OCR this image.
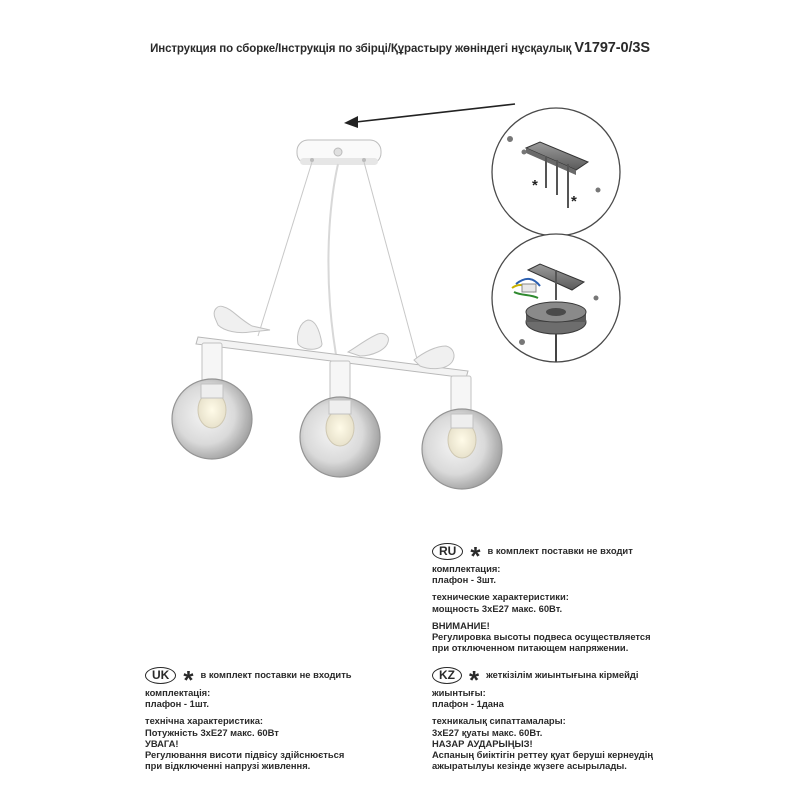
Инструкция по сборке/Інструкція по збірці/Құрастыру жөніндегі нұсқаулық V1797-0/3S
*
*
RU * в комплект поставки не входит
комплектация:
плафон - 3шт.
технические характеристики:
мощность 3хЕ27 макс. 60Вт.
ВНИМАНИЕ!
Регулировка высоты подвеса осуществляется
при отключенном питающем напряжении.
UK * в комплект поставки не входить
комплектація:
плафон - 1шт.
технічна характеристика:
Потужність 3хЕ27 макс. 60Вт
УВАГА!
Регулювання висоти підвісу здійснюється
при відключенні напрузі живлення.
KZ * жеткізілім жиынтығына кірмейді
жиынтығы:
плафон - 1дана
техникалық сипаттамалары:
3хЕ27 қуаты макс. 60Вт.
НАЗАР АУДАРЫҢЫЗ!
Аспаның биіктігін реттеу қуат беруші кернеудің
ажыратылуы кезінде жүзеге асырылады.
